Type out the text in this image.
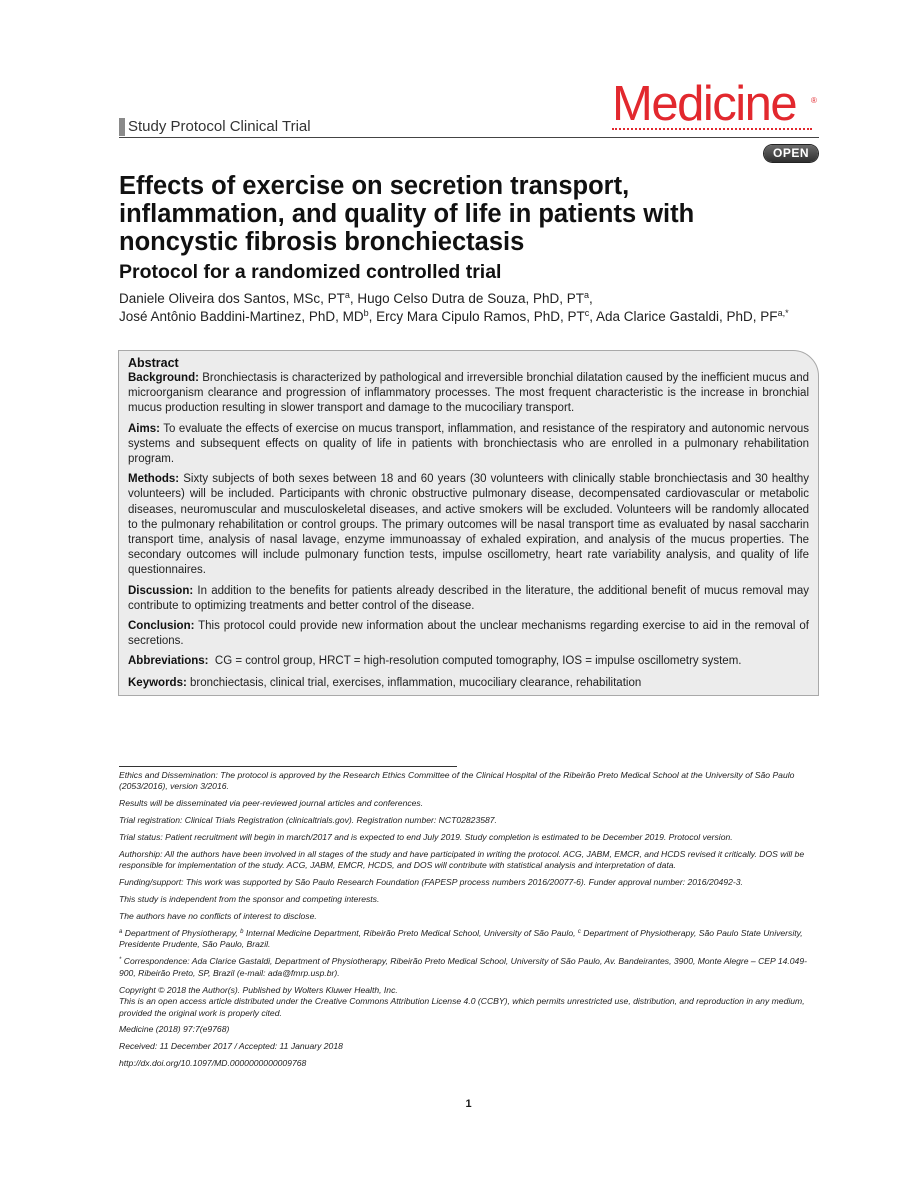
Study Protocol Clinical Trial	Medicine ®
OPEN
Effects of exercise on secretion transport, inflammation, and quality of life in patients with noncystic fibrosis bronchiectasis
Protocol for a randomized controlled trial
Daniele Oliveira dos Santos, MSc, $PT^a$, Hugo Celso Dutra de Souza, PhD, $PT^a$,
José Antônio Baddini-Martinez, PhD, $MD^b$, Ercy Mara Cipulo Ramos, PhD, $PT^c$, Ada Clarice Gastaldi, PhD, $PF^{a,*}$
Abstract

Background: Bronchiectasis is characterized by pathological and irreversible bronchial dilatation caused by the inefficient mucus and microorganism clearance and progression of inflammatory processes. The most frequent characteristic is the increase in bronchial mucus production resulting in slower transport and damage to the mucociliary transport.

Aims: To evaluate the effects of exercise on mucus transport, inflammation, and resistance of the respiratory and autonomic nervous systems and subsequent effects on quality of life in patients with bronchiectasis who are enrolled in a pulmonary rehabilitation program.

Methods: Sixty subjects of both sexes between 18 and 60 years (30 volunteers with clinically stable bronchiectasis and 30 healthy volunteers) will be included. Participants with chronic obstructive pulmonary disease, decompensated cardiovascular or metabolic diseases, neuromuscular and musculoskeletal diseases, and active smokers will be excluded. Volunteers will be randomly allocated to the pulmonary rehabilitation or control groups. The primary outcomes will be nasal transport time as evaluated by nasal saccharin transport time, analysis of nasal lavage, enzyme immunoassay of exhaled expiration, and analysis of the mucus properties. The secondary outcomes will include pulmonary function tests, impulse oscillometry, heart rate variability analysis, and quality of life questionnaires.

Discussion: In addition to the benefits for patients already described in the literature, the additional benefit of mucus removal may contribute to optimizing treatments and better control of the disease.

Conclusion: This protocol could provide new information about the unclear mechanisms regarding exercise to aid in the removal of secretions.

Abbreviations: CG = control group, HRCT = high-resolution computed tomography, IOS = impulse oscillometry system.

Keywords: bronchiectasis, clinical trial, exercises, inflammation, mucociliary clearance, rehabilitation

Ethics and Dissemination: The protocol is approved by the Research Ethics Committee of the Clinical Hospital of the Ribeirão Preto Medical School at the University of São Paulo (2053/2016), version 3/2016.

Results will be disseminated via peer-reviewed journal articles and conferences.

Trial registration: Clinical Trials Registration (clinicaltrials.gov). Registration number: NCT02823587.

Trial status: Patient recruitment will begin in march/2017 and is expected to end July 2019. Study completion is estimated to be December 2019. Protocol version.

Authorship: All the authors have been involved in all stages of the study and have participated in writing the protocol. ACG, JABM, EMCR, and HCDS revised it critically. DOS will be responsible for implementation of the study. ACG, JABM, EMCR, HCDS, and DOS will contribute with statistical analysis and interpretation of data.

Funding/support: This work was supported by São Paulo Research Foundation (FAPESP process numbers 2016/20077-6). Funder approval number: 2016/20492-3.

This study is independent from the sponsor and competing interests.

The authors have no conflicts of interest to disclose.

$^a$ Department of Physiotherapy, $^b$ Internal Medicine Department, Ribeirão Preto Medical School, University of São Paulo, $^c$ Department of Physiotherapy, São Paulo State University, Presidente Prudente, São Paulo, Brazil.

* Correspondence: Ada Clarice Gastaldi, Department of Physiotherapy, Ribeirão Preto Medical School, University of São Paulo, Av. Bandeirantes, 3900, Monte Alegre – CEP 14.049-900, Ribeirão Preto, SP, Brazil (e-mail: ada@fmrp.usp.br).

Copyright © 2018 the Author(s). Published by Wolters Kluwer Health, Inc.

This is an open access article distributed under the Creative Commons Attribution License 4.0 (CCBY), which permits unrestricted use, distribution, and reproduction in any medium, provided the original work is properly cited.

Medicine (2018) 97:7(e9768)

Received: 11 December 2017 / Accepted: 11 January 2018

http://dx.doi.org/10.1097/MD.0000000000009768

1
